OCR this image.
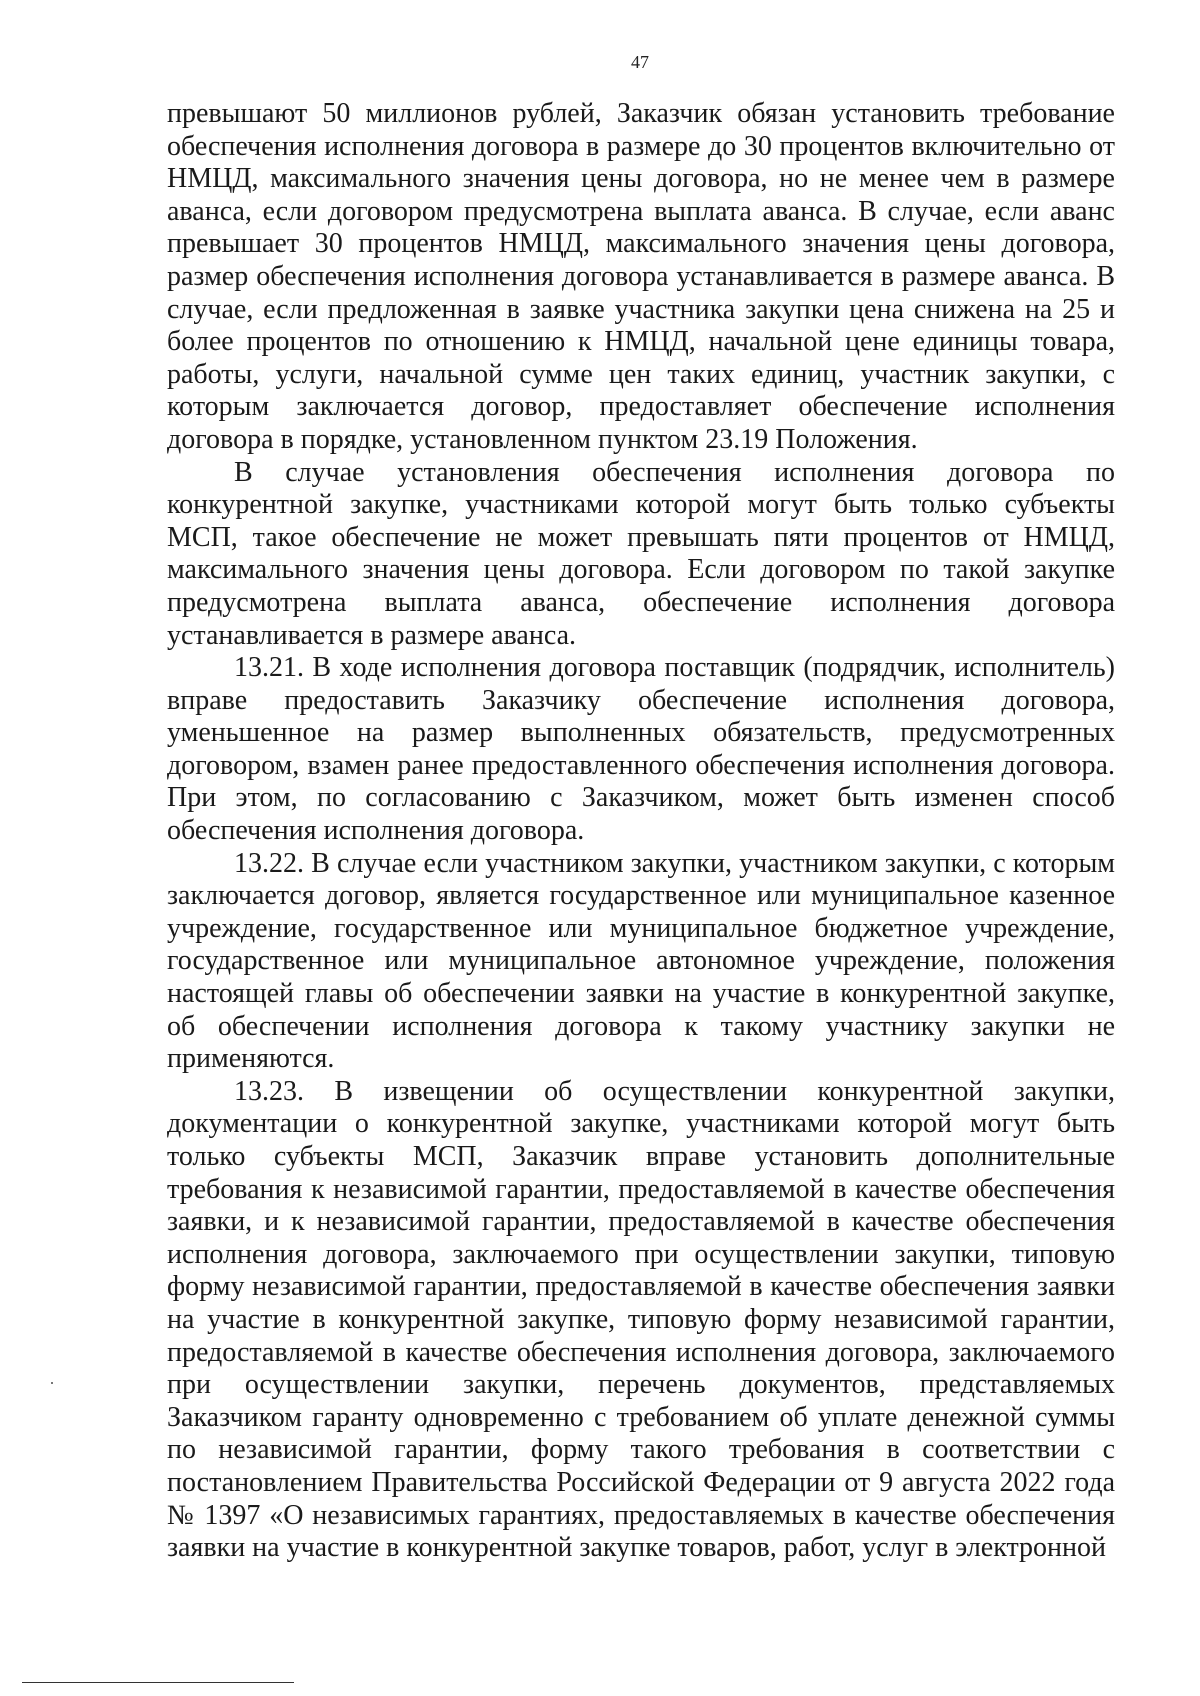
47

превышают 50 миллионов рублей, Заказчик обязан установить требование обеспечения исполнения договора в размере до 30 процентов включительно от НМЦД, максимального значения цены договора, но не менее чем в размере аванса, если договором предусмотрена выплата аванса. В случае, если аванс превышает 30 процентов НМЦД, максимального значения цены договора, размер обеспечения исполнения договора устанавливается в размере аванса. В случае, если предложенная в заявке участника закупки цена снижена на 25 и более процентов по отношению к НМЦД, начальной цене единицы товара, работы, услуги, начальной сумме цен таких единиц, участник закупки, с которым заключается договор, предоставляет обеспечение исполнения договора в порядке, установленном пунктом 23.19 Положения.

В случае установления обеспечения исполнения договора по конкурентной закупке, участниками которой могут быть только субъекты МСП, такое обеспечение не может превышать пяти процентов от НМЦД, максимального значения цены договора. Если договором по такой закупке предусмотрена выплата аванса, обеспечение исполнения договора устанавливается в размере аванса.

13.21. В ходе исполнения договора поставщик (подрядчик, исполнитель) вправе предоставить Заказчику обеспечение исполнения договора, уменьшенное на размер выполненных обязательств, предусмотренных договором, взамен ранее предоставленного обеспечения исполнения договора. При этом, по согласованию с Заказчиком, может быть изменен способ обеспечения исполнения договора.

13.22. В случае если участником закупки, участником закупки, с которым заключается договор, является государственное или муниципальное казенное учреждение, государственное или муниципальное бюджетное учреждение, государственное или муниципальное автономное учреждение, положения настоящей главы об обеспечении заявки на участие в конкурентной закупке, об обеспечении исполнения договора к такому участнику закупки не применяются.

13.23. В извещении об осуществлении конкурентной закупки, документации о конкурентной закупке, участниками которой могут быть только субъекты МСП, Заказчик вправе установить дополнительные требования к независимой гарантии, предоставляемой в качестве обеспечения заявки, и к независимой гарантии, предоставляемой в качестве обеспечения исполнения договора, заключаемого при осуществлении закупки, типовую форму независимой гарантии, предоставляемой в качестве обеспечения заявки на участие в конкурентной закупке, типовую форму независимой гарантии, предоставляемой в качестве обеспечения исполнения договора, заключаемого при осуществлении закупки, перечень документов, представляемых Заказчиком гаранту одновременно с требованием об уплате денежной суммы по независимой гарантии, форму такого требования в соответствии с постановлением Правительства Российской Федерации от 9 августа 2022 года № 1397 «О независимых гарантиях, предоставляемых в качестве обеспечения заявки на участие в конкурентной закупке товаров, работ, услуг в электронной
